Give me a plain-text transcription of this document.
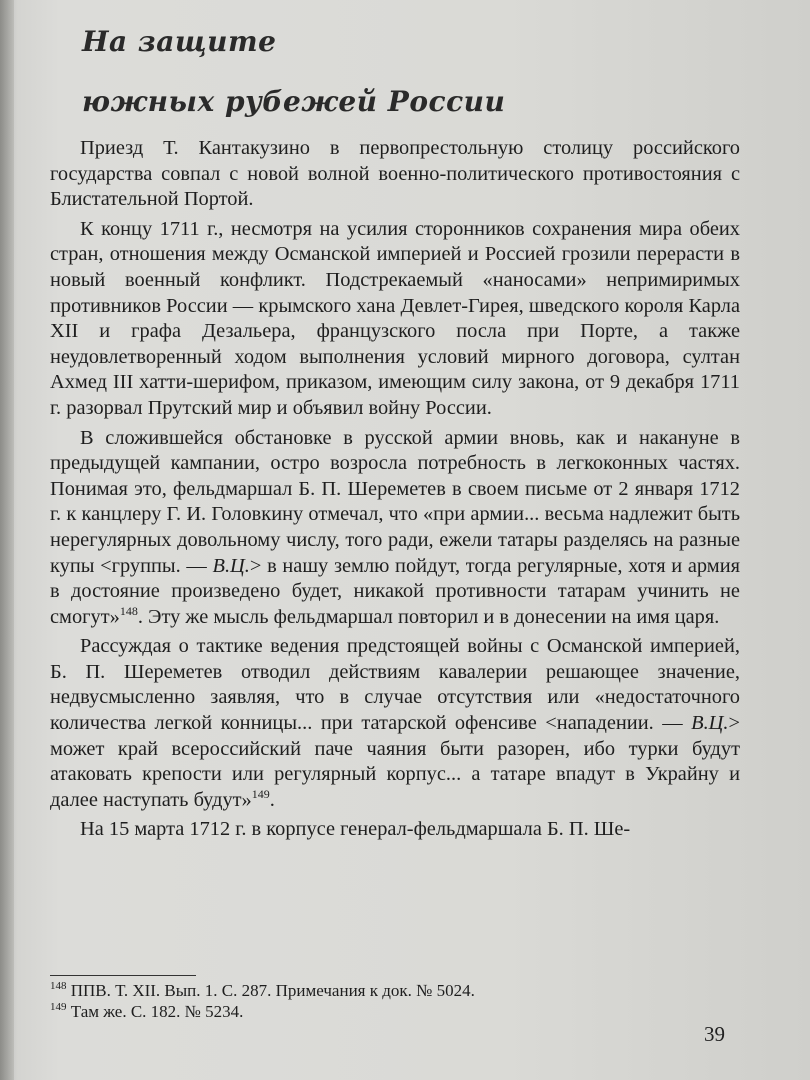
На защите
южных рубежей России

Приезд Т. Кантакузино в первопрестольную столицу российского государства совпал с новой волной военно-политического противостояния с Блистательной Портой.

К концу 1711 г., несмотря на усилия сторонников сохранения мира обеих стран, отношения между Османской империей и Россией грозили перерасти в новый военный конфликт. Подстрекаемый «наносами» непримиримых противников России — крымского хана Девлет-Гирея, шведского короля Карла XII и графа Дезальера, французского посла при Порте, а также неудовлетворенный ходом выполнения условий мирного договора, султан Ахмед III хатти-шерифом, приказом, имеющим силу закона, от 9 декабря 1711 г. разорвал Прутский мир и объявил войну России.

В сложившейся обстановке в русской армии вновь, как и накануне в предыдущей кампании, остро возросла потребность в легкоконных частях. Понимая это, фельдмаршал Б. П. Шереметев в своем письме от 2 января 1712 г. к канцлеру Г. И. Головкину отмечал, что «при армии... весьма надлежит быть нерегулярных довольному числу, того ради, ежели татары разделясь на разные купы <группы. — В.Ц.> в нашу землю пойдут, тогда регулярные, хотя и армия в достояние произведено будет, никакой противности татарам учинить не смогут»$^{148}$. Эту же мысль фельдмаршал повторил и в донесении на имя царя.

Рассуждая о тактике ведения предстоящей войны с Османской империей, Б. П. Шереметев отводил действиям кавалерии решающее значение, недвусмысленно заявляя, что в случае отсутствия или «недостаточного количества легкой конницы... при татарской офенсиве <нападении. — В.Ц.> может край всероссийский паче чаяния быти разорен, ибо турки будут атаковать крепости или регулярный корпус... а татаре впадут в Украйну и далее наступать будут»$^{149}$.

На 15 марта 1712 г. в корпусе генерал-фельдмаршала Б. П. Ше-

$^{148}$ ППВ. Т. XII. Вып. 1. С. 287. Примечания к док. № 5024.
$^{149}$ Там же. С. 182. № 5234.
39
